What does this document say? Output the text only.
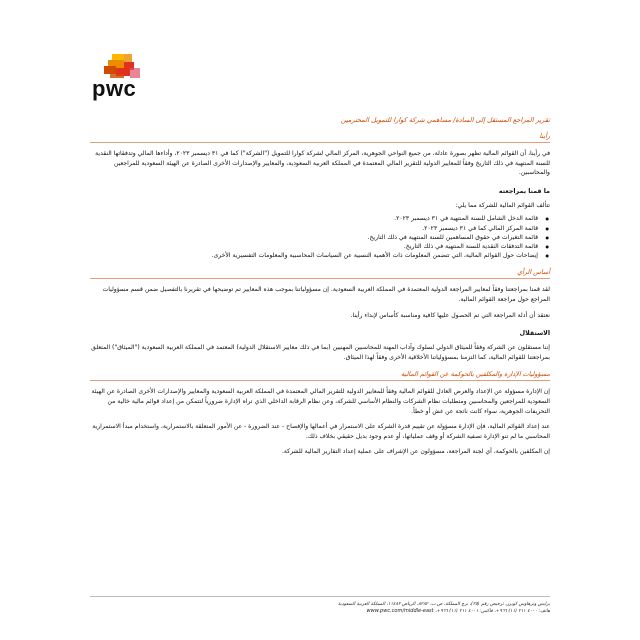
pwc
تقرير المراجع المستقل إلى السادة/ مساهمي شركة كوارا للتمويل المحترمين
رأينا
في رأينا، أن القوائم المالية تظهر بصورة عادلة، من جميع النواحي الجوهرية، المركز المالي لشركة كوارا للتمويل ("الشركة") كما في ٣١ ديسمبر ٢٠٢٣، وأداءها المالي وتدفقاتها النقدية للسنة المنتهية في ذلك التاريخ وفقاً للمعايير الدولية للتقرير المالي المعتمدة في المملكة العربية السعودية، والمعايير والإصدارات الأخرى الصادرة عن الهيئة السعودية للمراجعين والمحاسبين.
ما قمنا بمراجعته
تتألف القوائم المالية للشركة مما يلي:
● قائمة الدخل الشامل للسنة المنتهية في ٣١ ديسمبر ٢٠٢٣.
● قائمة المركز المالي كما في ٣١ ديسمبر ٢٠٢٣.
● قائمة التغيرات في حقوق المساهمين للسنة المنتهية في ذلك التاريخ.
● قائمة التدفقات النقدية للسنة المنتهية في ذلك التاريخ.
● إيضاحات حول القوائم المالية، التي تتضمن المعلومات ذات الأهمية النسبية عن السياسات المحاسبية والمعلومات التفسيرية الأخرى.
أساس الرأي
لقد قمنا بمراجعتنا وفقاً لمعايير المراجعة الدولية المعتمدة في المملكة العربية السعودية. إن مسؤولياتنا بموجب هذه المعايير تم توضيحها في تقريرنا بالتفصيل ضمن قسم مسؤوليات المراجع حول مراجعة القوائم المالية.
نعتقد أن أدلة المراجعة التي تم الحصول عليها كافية ومناسبة كأساس لإبداء رأينا.
الاستقلال
إننا مستقلون عن الشركة وفقاً للميثاق الدولي لسلوك وآداب المهنة للمحاسبين المهنيين (بما في ذلك معايير الاستقلال الدولية) المعتمد في المملكة العربية السعودية ("الميثاق") المتعلق بمراجعتنا للقوائم المالية، كما التزمنا بمسؤولياتنا الأخلاقية الأخرى وفقاً لهذا الميثاق.
مسؤوليات الإدارة والمكلفين بالحوكمة عن القوائم المالية
إن الإدارة مسؤولة عن الإعداد والعرض العادل للقوائم المالية وفقاً للمعايير الدولية للتقرير المالي المعتمدة في المملكة العربية السعودية والمعايير والإصدارات الأخرى الصادرة عن الهيئة السعودية للمراجعين والمحاسبين ومتطلبات نظام الشركات والنظام الأساسي للشركة، وعن نظام الرقابة الداخلي الذي تراه الإدارة ضرورياً لتتمكن من إعداد قوائم مالية خالية من التحريفات الجوهرية، سواء كانت ناتجة عن غش أو خطأ.
عند إعداد القوائم المالية، فإن الإدارة مسؤولة عن تقييم قدرة الشركة على الاستمرار في أعمالها والإفصاح - عند الضرورة - عن الأمور المتعلقة بالاستمرارية، واستخدام مبدأ الاستمرارية المحاسبي ما لم تنو الإدارة تصفية الشركة أو وقف عملياتها، أو عدم وجود بديل حقيقي بخلاف ذلك.
إن المكلفين بالحوكمة، أي لجنة المراجعة، مسؤولون عن الإشراف على عملية إعداد التقارير المالية للشركة.
برايس وترهاوس كوبرز، ترخيص رقم (٢٥)، برج المملكة، ص.ب. ٨٢٨٢، الرياض ١١٤٨٢، المملكة العربية السعودية
هاتف: ٤٠٠٠ ٢١١ (١١) ٩٦٦+، فاكس: ٤٠٠١ ٢١١ (١١) ٩٦٦+، www.pwc.com/middle-east
